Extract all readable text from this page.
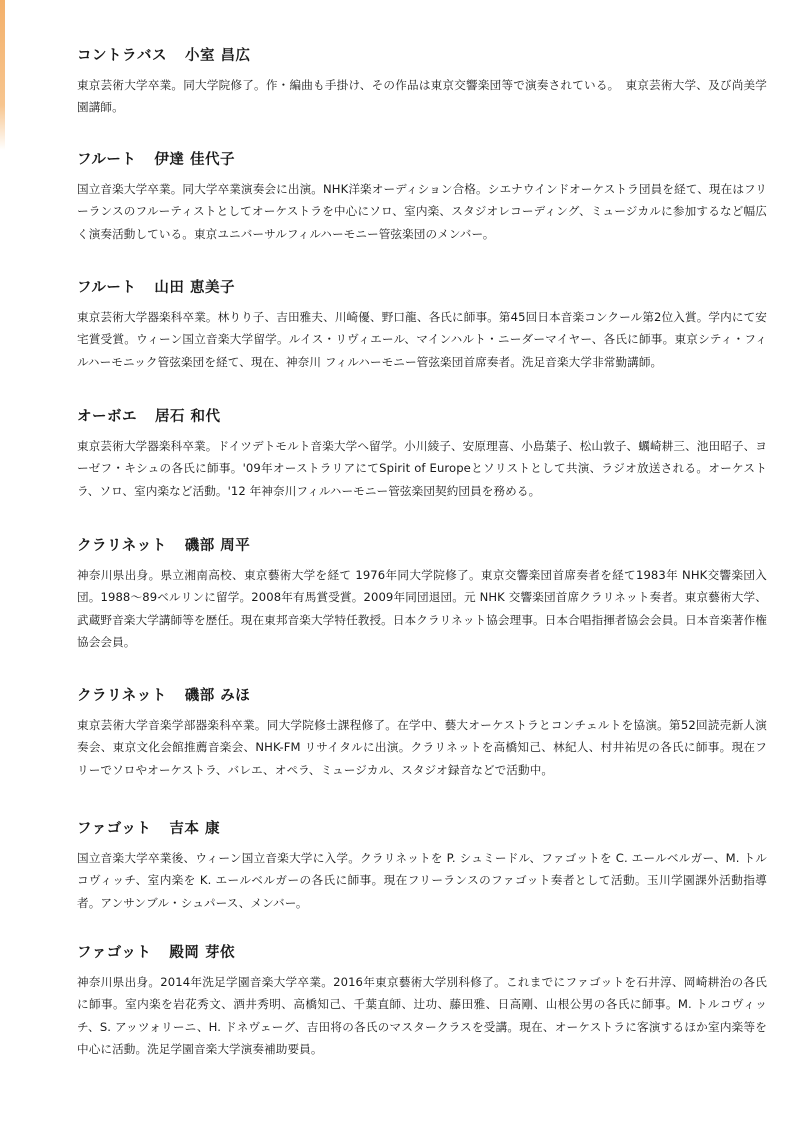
コントラバス 小室 昌広

東京芸術大学卒業。同大学院修了。作・編曲も手掛け、その作品は東京交響楽団等で演奏されている。　東京芸術大学、及び尚美学園講師。

フルート 伊達 佳代子

国立音楽大学卒業。同大学卒業演奏会に出演。NHK洋楽オーディション合格。シエナウインドオーケストラ団員を経て、現在はフリーランスのフルーティストとしてオーケストラを中心にソロ、室内楽、スタジオレコーディング、ミュージカルに参加するなど幅広く演奏活動している。東京ユニバーサルフィルハーモニー管弦楽団のメンバー。

フルート 山田 恵美子

東京芸術大学器楽科卒業。林りり子、吉田雅夫、川崎優、野口龍、各氏に師事。第45回日本音楽コンクール第2位入賞。学内にて安宅賞受賞。ウィーン国立音楽大学留学。ルイス・リヴィエール、マインハルト・ニーダーマイヤー、各氏に師事。東京シティ・フィルハーモニック管弦楽団を経て、現在、神奈川 フィルハーモニー管弦楽団首席奏者。洗足音楽大学非常勤講師。

オーボエ 居石 和代

東京芸術大学器楽科卒業。ドイツデトモルト音楽大学へ留学。小川綾子、安原理喜、小島葉子、松山敦子、蠣崎耕三、池田昭子、ヨーゼフ・キシュの各氏に師事。'09年オーストラリアにてSpirit of Europeとソリストとして共演、ラジオ放送される。オーケストラ、ソロ、室内楽など活動。'12 年神奈川フィルハーモニー管弦楽団契約団員を務める。

クラリネット 磯部 周平

神奈川県出身。県立湘南高校、東京藝術大学を経て 1976年同大学院修了。東京交響楽団首席奏者を経て1983年 NHK交響楽団入団。1988～89ベルリンに留学。2008年有馬賞受賞。2009年同団退団。元 NHK 交響楽団首席クラリネット奏者。東京藝術大学、武蔵野音楽大学講師等を歴任。現在東邦音楽大学特任教授。日本クラリネット協会理事。日本合唱指揮者協会会員。日本音楽著作権協会会員。

クラリネット 磯部 みほ

東京芸術大学音楽学部器楽科卒業。同大学院修士課程修了。在学中、藝大オーケストラとコンチェルトを協演。第52回読売新人演奏会、東京文化会館推薦音楽会、NHK-FM リサイタルに出演。クラリネットを高橋知己、林紀人、村井祐児の各氏に師事。現在フリーでソロやオーケストラ、バレエ、オペラ、ミュージカル、スタジオ録音などで活動中。

ファゴット 吉本 康

国立音楽大学卒業後、ウィーン国立音楽大学に入学。クラリネットを P. シュミードル、ファゴットを C. エールベルガー、M. トルコヴィッチ、室内楽を K. エールベルガーの各氏に師事。現在フリーランスのファゴット奏者として活動。玉川学園課外活動指導者。アンサンブル・シュパース、メンバー。

ファゴット 殿岡 芽依

神奈川県出身。2014年洗足学園音楽大学卒業。2016年東京藝術大学別科修了。これまでにファゴットを石井淳、岡崎耕治の各氏に師事。室内楽を岩花秀文、酒井秀明、高橋知己、千葉直師、辻功、藤田雅、日高剛、山根公男の各氏に師事。M. トルコヴィッチ、S. アッツォリーニ、H. ドネヴェーグ、吉田将の各氏のマスタークラスを受講。現在、オーケストラに客演するほか室内楽等を中心に活動。洗足学園音楽大学演奏補助要員。
